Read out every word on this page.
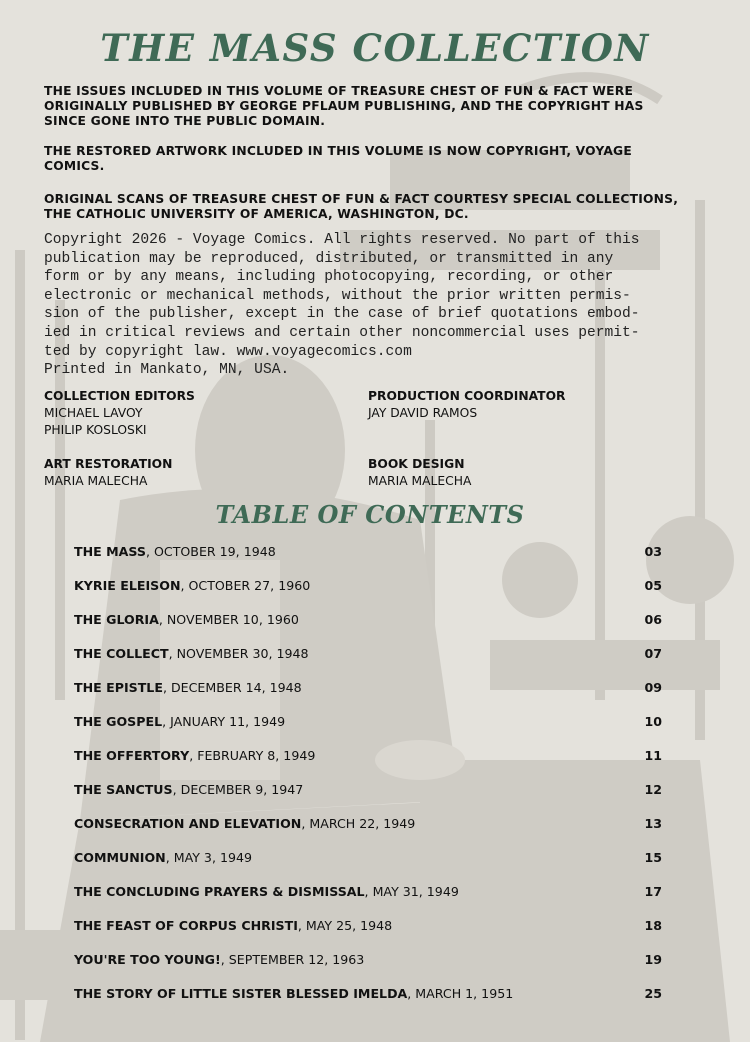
THE MASS COLLECTION
THE ISSUES INCLUDED IN THIS VOLUME OF TREASURE CHEST OF FUN & FACT WERE ORIGINALLY PUBLISHED BY GEORGE PFLAUM PUBLISHING, AND THE COPYRIGHT HAS SINCE GONE INTO THE PUBLIC DOMAIN.
THE RESTORED ARTWORK INCLUDED IN THIS VOLUME IS NOW COPYRIGHT, VOYAGE COMICS.
ORIGINAL SCANS OF TREASURE CHEST OF FUN & FACT COURTESY SPECIAL COLLECTIONS, THE CATHOLIC UNIVERSITY OF AMERICA, WASHINGTON, DC.
Copyright 2026 - Voyage Comics. All rights reserved. No part of this
publication may be reproduced, distributed, or transmitted in any
form or by any means, including photocopying, recording, or other
electronic or mechanical methods, without the prior written permis-
sion of the publisher, except in the case of brief quotations embod-
ied in critical reviews and certain other noncommercial uses permit-
ted by copyright law. www.voyagecomics.com
Printed in Mankato, MN, USA.
COLLECTION EDITORS
MICHAEL LAVOY
PHILIP KOSLOSKI
PRODUCTION COORDINATOR
JAY DAVID RAMOS
ART RESTORATION
MARIA MALECHA
BOOK DESIGN
MARIA MALECHA
TABLE OF CONTENTS
THE MASS, OCTOBER 19, 1948	03
KYRIE ELEISON, OCTOBER 27, 1960	05
THE GLORIA, NOVEMBER 10, 1960	06
THE COLLECT, NOVEMBER 30, 1948	07
THE EPISTLE, DECEMBER 14, 1948	09
THE GOSPEL, JANUARY 11, 1949	10
THE OFFERTORY, FEBRUARY 8, 1949	11
THE SANCTUS, DECEMBER 9, 1947	12
CONSECRATION AND ELEVATION, MARCH 22, 1949	13
COMMUNION, MAY 3, 1949	15
THE CONCLUDING PRAYERS & DISMISSAL, MAY 31, 1949	17
THE FEAST OF CORPUS CHRISTI, MAY 25, 1948	18
YOU'RE TOO YOUNG!, SEPTEMBER 12, 1963	19
THE STORY OF LITTLE SISTER BLESSED IMELDA, MARCH 1, 1951	25
